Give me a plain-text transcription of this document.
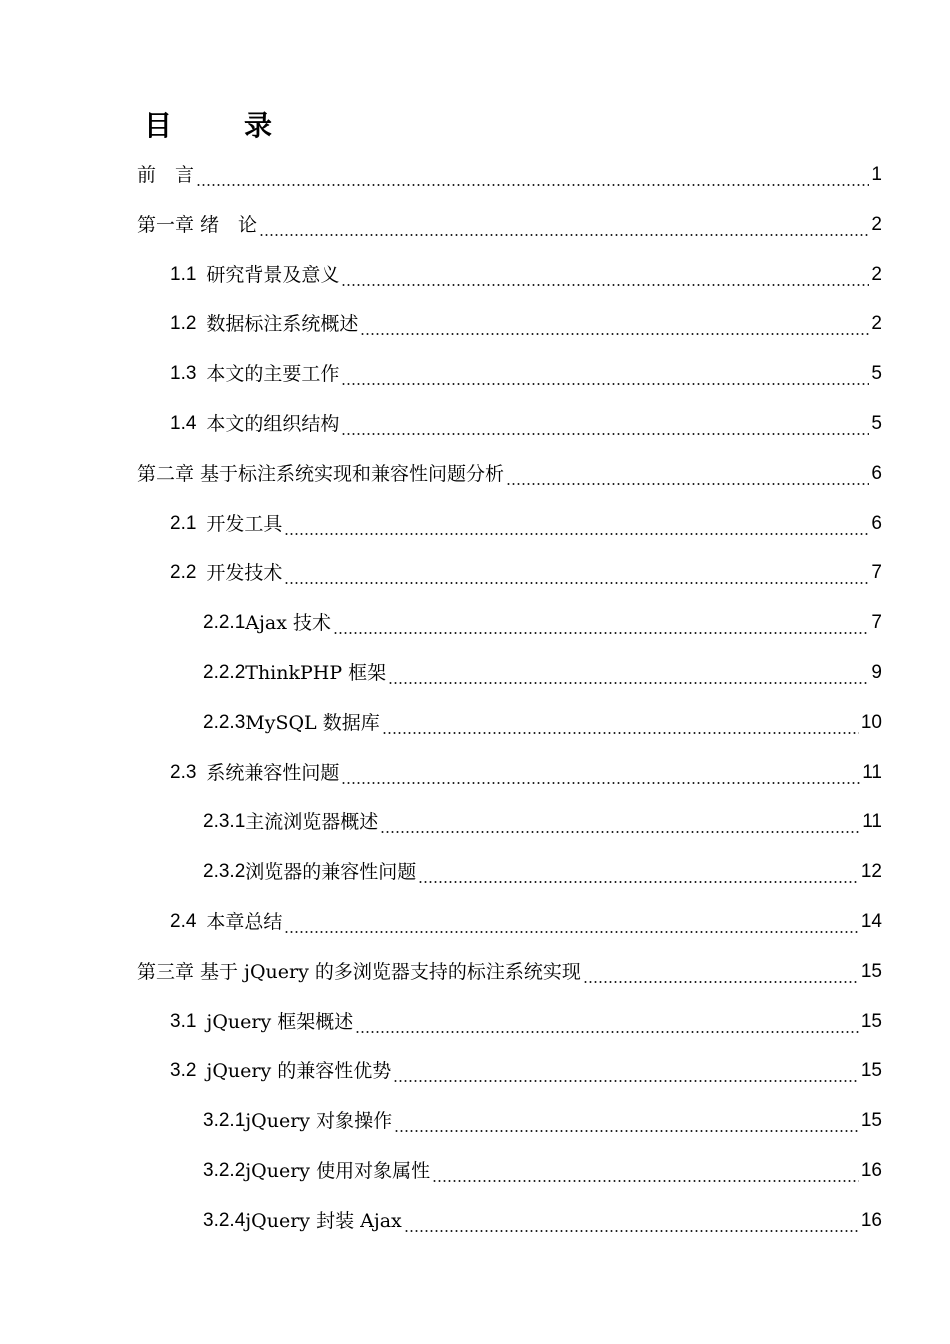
目　录
前　言	1
第一章 绪　论	2
1.1 研究背景及意义	2
1.2 数据标注系统概述	2
1.3 本文的主要工作	5
1.4 本文的组织结构	5
第二章 基于标注系统实现和兼容性问题分析	6
2.1 开发工具	6
2.2 开发技术	7
2.2.1 Ajax 技术	7
2.2.2 ThinkPHP 框架	9
2.2.3 MySQL 数据库	10
2.3 系统兼容性问题	11
2.3.1 主流浏览器概述	11
2.3.2 浏览器的兼容性问题	12
2.4 本章总结	14
第三章 基于 jQuery 的多浏览器支持的标注系统实现	15
3.1 jQuery 框架概述	15
3.2 jQuery 的兼容性优势	15
3.2.1 jQuery 对象操作	15
3.2.2 jQuery 使用对象属性	16
3.2.4 jQuery 封装 Ajax	16
